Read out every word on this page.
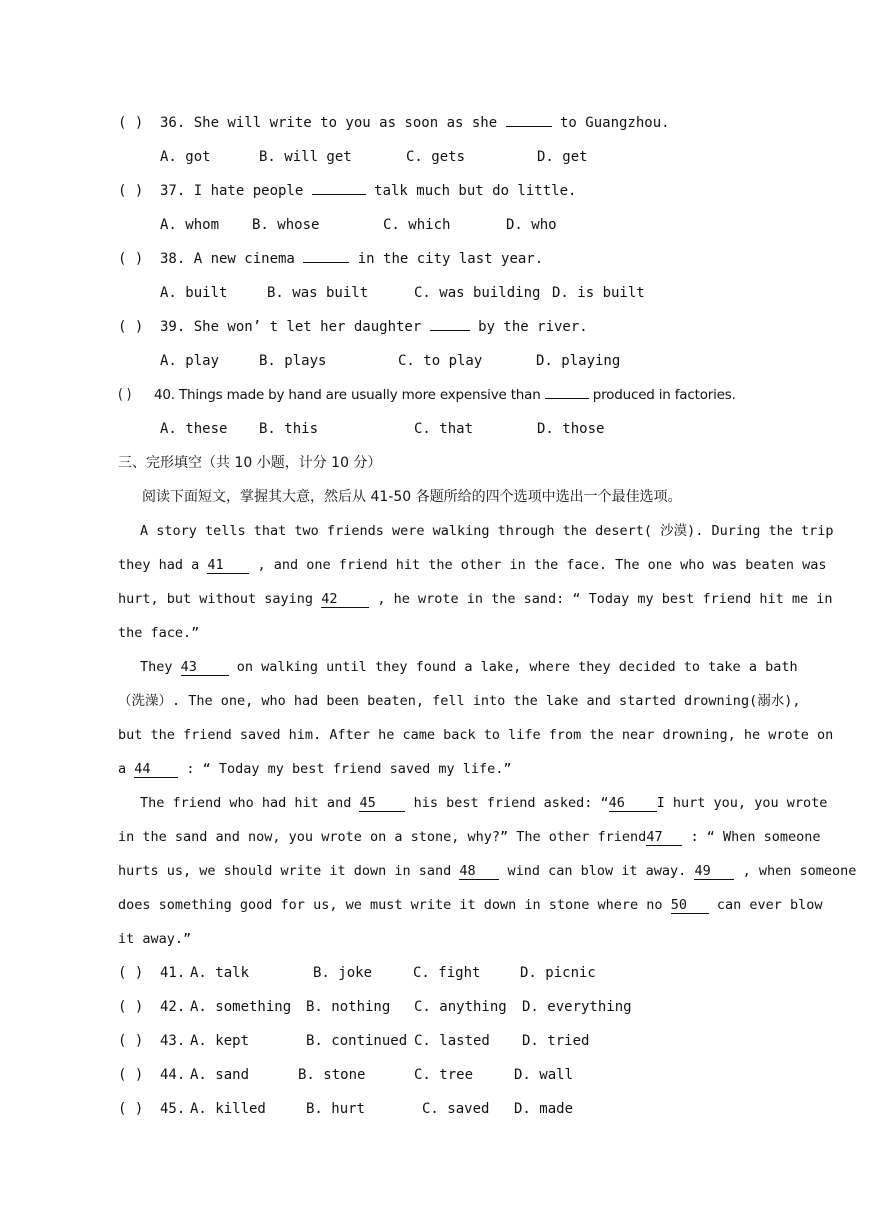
( ) 36. She will write to you as soon as she	to Guangzhou.
A. got	B. will get	C. gets	D. get
( ) 37. I hate people	talk much but do little.
A. whom B. whose	C. which	D. who
( ) 38. A new cinema	in the city last year.
A. built	B. was built	C. was building D. is built
( ) 39. She won’ t let her daughter	by the river.
A. play	B. plays	C. to play	D. playing
( ) 40. Things made by hand are usually more expensive than	produced in factories.
A. these B. this	C. that	D. those
三、完形填空（共 10 小题，计分 10 分）
阅读下面短文，掌握其大意，然后从 41-50 各题所给的四个选项中选出一个最佳选项。
A story tells that two friends were walking through the desert( 沙漠). During the trip
they had a 41 , and one friend hit the other in the face. The one who was beaten was
hurt, but without saying 42 , he wrote in the sand: “ Today my best friend hit me in
the face.”
They 43 on walking until they found a lake, where they decided to take a bath
（洗澡）. The one, who had been beaten, fell into the lake and started drowning(溺水),
but the friend saved him. After he came back to life from the near drowning, he wrote on
a 44 : “ Today my best friend saved my life.”
The friend who had hit and 45 his best friend asked: “46 I hurt you, you wrote
in the sand and now, you wrote on a stone, why?” The other friend47 : “ When someone
hurts us, we should write it down in sand 48 wind can blow it away. 49 , when someone
does something good for us, we must write it down in stone where no 50 can ever blow
it away.”
( ) 41. A. talk	B. joke	C. fight	D. picnic
( ) 42. A. something B. nothing C. anything D. everything
( ) 43. A. kept	B. continued C. lasted D. tried
( ) 44. A. sand	B. stone	C. tree	D. wall
( ) 45. A. killed	B. hurt	C. saved D. made
